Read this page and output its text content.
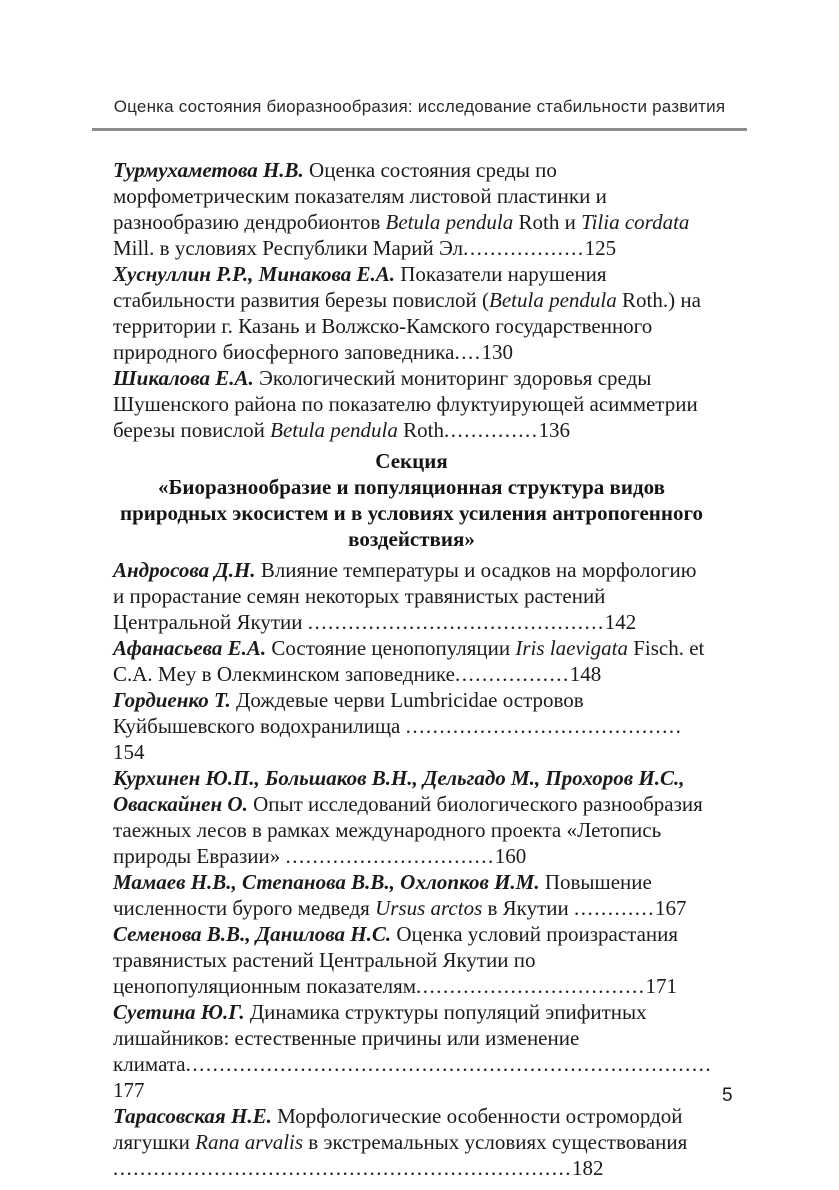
Оценка состояния биоразнообразия: исследование стабильности развития

Турмухаметова Н.В. Оценка состояния среды по морфометрическим показателям листовой пластинки и разнообразию дендробионтов Betula pendula Roth и Tilia cordata Mill. в условиях Республики Марий Эл..................125

Хуснуллин Р.Р., Минакова Е.А. Показатели нарушения стабильности развития березы повислой (Betula pendula Roth.) на территории г. Казань и Волжско-Камского государственного природного биосферного заповедника....130

Шикалова Е.А. Экологический мониторинг здоровья среды Шушенского района по показателю флуктуирующей асимметрии березы повислой Betula pendula Roth..............136

Секция
«Биоразнообразие и популяционная структура видов природных экосистем и в условиях усиления антропогенного воздействия»

Андросова Д.Н. Влияние температуры и осадков на морфологию и прорастание семян некоторых травянистых растений Центральной Якутии ............................................142

Афанасьева Е.А. Состояние ценопопуляции Iris laevigata Fisch. et C.A. Mey в Олекминском заповеднике.................148

Гордиенко Т. Дождевые черви Lumbricidae островов Куйбышевского водохранилища .........................................154

Курхинен Ю.П., Большаков В.Н., Дельгадо М., Прохоров И.С., Оваскайнен О. Опыт исследований биологического разнообразия таежных лесов в рамках международного проекта «Летопись природы Евразии» ...............................160

Мамаев Н.В., Степанова В.В., Охлопков И.М. Повышение численности бурого медведя Ursus arctos в Якутии ............167

Семенова В.В., Данилова Н.С. Оценка условий произрастания травянистых растений Центральной Якутии по ценопопуляционным показателям..................................171

Суетина Ю.Г. Динамика структуры популяций эпифитных лишайников: естественные причины или изменение климата..............................................................................177

Тарасовская Н.Е. Морфологические особенности остромордой лягушки Rana arvalis в экстремальных условиях существования ....................................................................182

5
